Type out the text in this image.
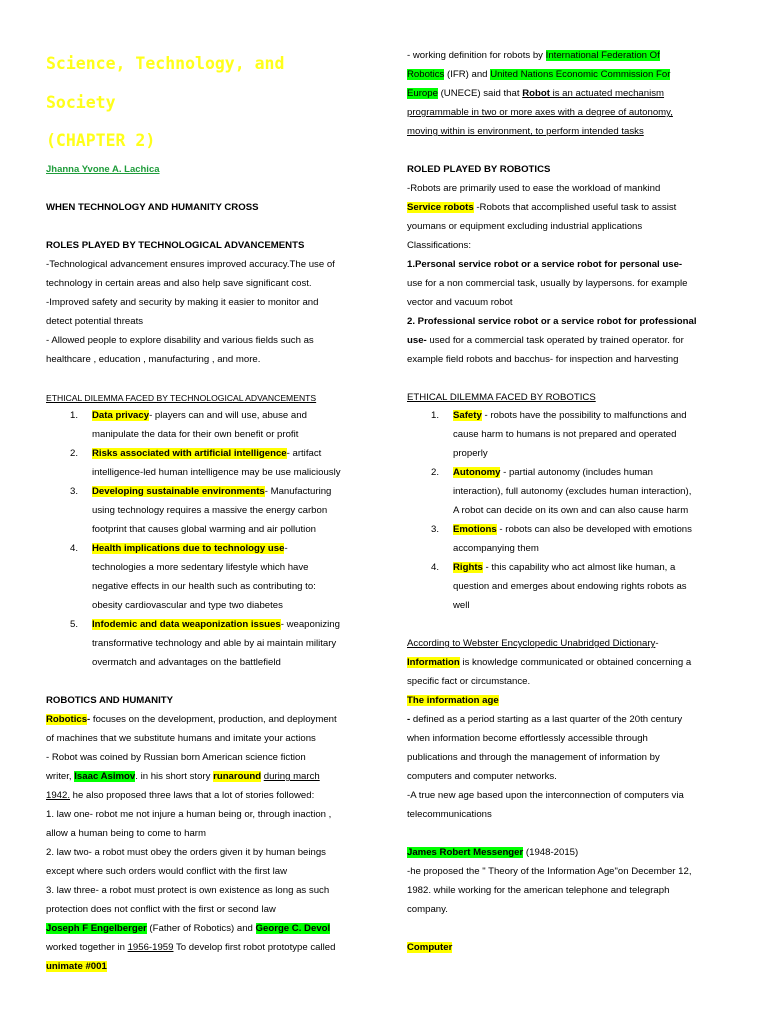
Science, Technology, and
Society
(CHAPTER 2)
Jhanna Yvone A. Lachica
WHEN TECHNOLOGY AND HUMANITY CROSS
ROLES PLAYED BY TECHNOLOGICAL ADVANCEMENTS
-Technological advancement ensures improved accuracy.The use of
technology in certain areas and also help save significant cost.
-Improved safety and security by making it easier to monitor and
detect potential threats
- Allowed people to explore disability and various fields such as
healthcare , education , manufacturing , and more.
ETHICAL DILEMMA FACED BY TECHNOLOGICAL ADVANCEMENTS
1. Data privacy- players can and will use, abuse and
manipulate the data for their own benefit or profit
2. Risks associated with artificial intelligence- artifact
intelligence-led human intelligence may be use maliciously
3. Developing sustainable environments- Manufacturing
using technology requires a massive the energy carbon
footprint that causes global warming and air pollution
4. Health implications due to technology use-
technologies a more sedentary lifestyle which have
negative effects in our health such as contributing to:
obesity cardiovascular and type two diabetes
5. Infodemic and data weaponization issues- weaponizing
transformative technology and able by ai maintain military
overmatch and advantages on the battlefield
ROBOTICS AND HUMANITY
Robotics- focuses on the development, production, and deployment
of machines that we substitute humans and imitate your actions
- Robot was coined by Russian born American science fiction
writer, Isaac Asimov. in his short story runaround during march
1942. he also proposed three laws that a lot of stories followed:
1. law one- robot me not injure a human being or, through inaction ,
allow a human being to come to harm
2. law two- a robot must obey the orders given it by human beings
except where such orders would conflict with the first law
3. law three- a robot must protect is own existence as long as such
protection does not conflict with the first or second law
Joseph F Engelberger (Father of Robotics) and George C. Devol
worked together in 1956-1959 To develop first robot prototype called
unimate #001
- working definition for robots by International Federation Of
Robotics (IFR) and United Nations Economic Commission For
Europe (UNECE) said that Robot is an actuated mechanism
programmable in two or more axes with a degree of autonomy,
moving within is environment, to perform intended tasks
ROLED PLAYED BY ROBOTICS
-Robots are primarily used to ease the workload of mankind
Service robots -Robots that accomplished useful task to assist
youmans or equipment excluding industrial applications
Classifications:
1.Personal service robot or a service robot for personal use-
use for a non commercial task, usually by laypersons. for example
vector and vacuum robot
2. Professional service robot or a service robot for professional
use- used for a commercial task operated by trained operator. for
example field robots and bacchus- for inspection and harvesting
ETHICAL DILEMMA FACED BY ROBOTICS
1. Safety - robots have the possibility to malfunctions and
cause harm to humans is not prepared and operated
properly
2. Autonomy - partial autonomy (includes human
interaction), full autonomy (excludes human interaction),
A robot can decide on its own and can also cause harm
3. Emotions - robots can also be developed with emotions
accompanying them
4. Rights - this capability who act almost like human, a
question and emerges about endowing rights robots as
well
According to Webster Encyclopedic Unabridged Dictionary-
Information is knowledge communicated or obtained concerning a
specific fact or circumstance.
The information age
- defined as a period starting as a last quarter of the 20th century
when information become effortlessly accessible through
publications and through the management of information by
computers and computer networks.
-A true new age based upon the interconnection of computers via
telecommunications
James Robert Messenger (1948-2015)
-he proposed the " Theory of the Information Age"on December 12,
1982. while working for the american telephone and telegraph
company.
Computer
